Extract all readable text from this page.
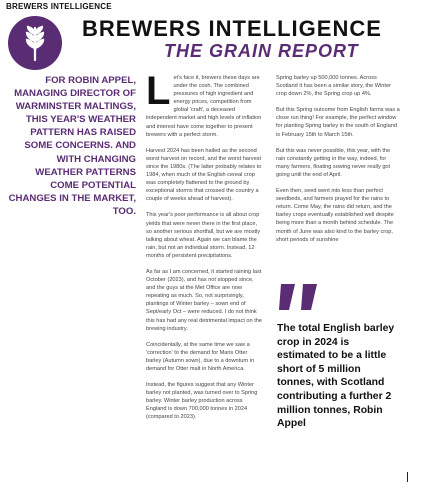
BREWERS INTELLIGENCE
BREWERS INTELLIGENCE
THE GRAIN REPORT
FOR ROBIN APPEL, MANAGING DIRECTOR OF WARMINSTER MALTINGS, THIS YEAR'S WEATHER PATTERN HAS RAISED SOME CONCERNS. AND WITH CHANGING WEATHER PATTERNS COME POTENTIAL CHANGES IN THE MARKET, TOO.

Let's face it, brewers these days are under the cosh. The combined pressures of high ingredient and energy prices, competition from global 'craft', a deceased independent market and high levels of inflation and interest have come together to present brewers with a perfect storm.

Harvest 2024 has been hailed as the second worst harvest on record, and the worst harvest since the 1980s. (The latter probably relates to 1984, when much of the English cereal crop was completely flattened to the ground by exceptional storms that crossed the country a couple of weeks ahead of harvest).

This year's poor performance is all about crop yields that were never there in the first place, so another serious shortfall, but we are mostly talking about wheat. Again we can blame the rain, but not an individual storm. Instead, 12 months of persistent precipitations.

As far as I am concerned, it started raining last October (2023), and has not stopped since, and the guys at the Met Office are now repeating as much. So, not surprisingly, plantings of Winter barley – sown end of Sept/early Oct – were reduced. I do not think this has had any real detrimental impact on the brewing industry.

Coincidentally, at the same time we saw a 'correction' to the demand for Maris Otter barley (Autumn sown), due to a downturn in demand for Otter malt in North America.

Instead, the figures suggest that any Winter barley not planted, was turned over to Spring barley. Winter barley production across England is down 700,000 tonnes in 2024 (compared to 2023).

Spring barley up 500,000 tonnes. Across Scotland it has been a similar story, the Winter crop down 2%, the Spring crop up 4%.

But this Spring outcome from English farms was a close run thing! For example, the perfect window for planting Spring barley in the south of England is February 15th to March 15th.

But this was never possible, this year, with the rain constantly getting in the way, indeed, for many farmers, floating sowing never really got going until the end of April.

Even then, seed went into less than perfect seedbeds, and farmers prayed for the rains to return. Come May, the rains did return, and the barley crops eventually established well despite being more than a month behind schedule. The month of June was also kind to the barley crop, short periods of sunshine

The total English barley crop in 2024 is estimated to be a little short of 5 million tonnes, with Scotland contributing a further 2 million tonnes, Robin Appel
